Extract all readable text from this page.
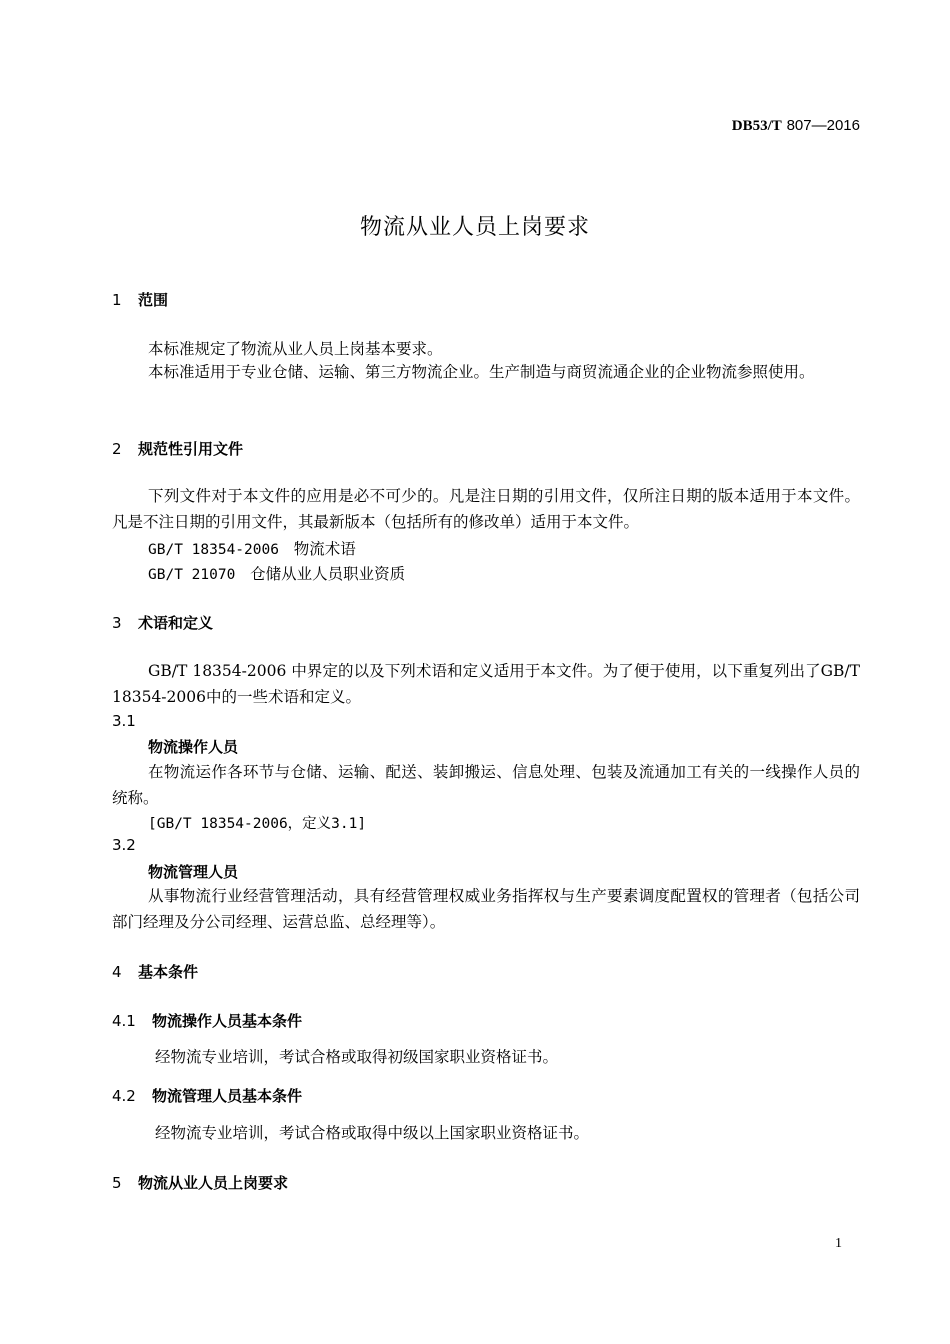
DB53/T 807—2016
物流从业人员上岗要求
1 范围
本标准规定了物流从业人员上岗基本要求。
本标准适用于专业仓储、运输、第三方物流企业。生产制造与商贸流通企业的企业物流参照使用。
2 规范性引用文件
下列文件对于本文件的应用是必不可少的。凡是注日期的引用文件，仅所注日期的版本适用于本文件。凡是不注日期的引用文件，其最新版本（包括所有的修改单）适用于本文件。
GB/T 18354-2006 物流术语
GB/T 21070 仓储从业人员职业资质
3 术语和定义
GB/T 18354-2006 中界定的以及下列术语和定义适用于本文件。为了便于使用，以下重复列出了GB/T 18354-2006中的一些术语和定义。
3.1
物流操作人员
在物流运作各环节与仓储、运输、配送、装卸搬运、信息处理、包装及流通加工有关的一线操作人员的统称。
[GB/T 18354-2006，定义3.1]
3.2
物流管理人员
从事物流行业经营管理活动，具有经营管理权威业务指挥权与生产要素调度配置权的管理者（包括公司部门经理及分公司经理、运营总监、总经理等）。
4 基本条件
4.1 物流操作人员基本条件
经物流专业培训，考试合格或取得初级国家职业资格证书。
4.2 物流管理人员基本条件
经物流专业培训，考试合格或取得中级以上国家职业资格证书。
5 物流从业人员上岗要求
1
